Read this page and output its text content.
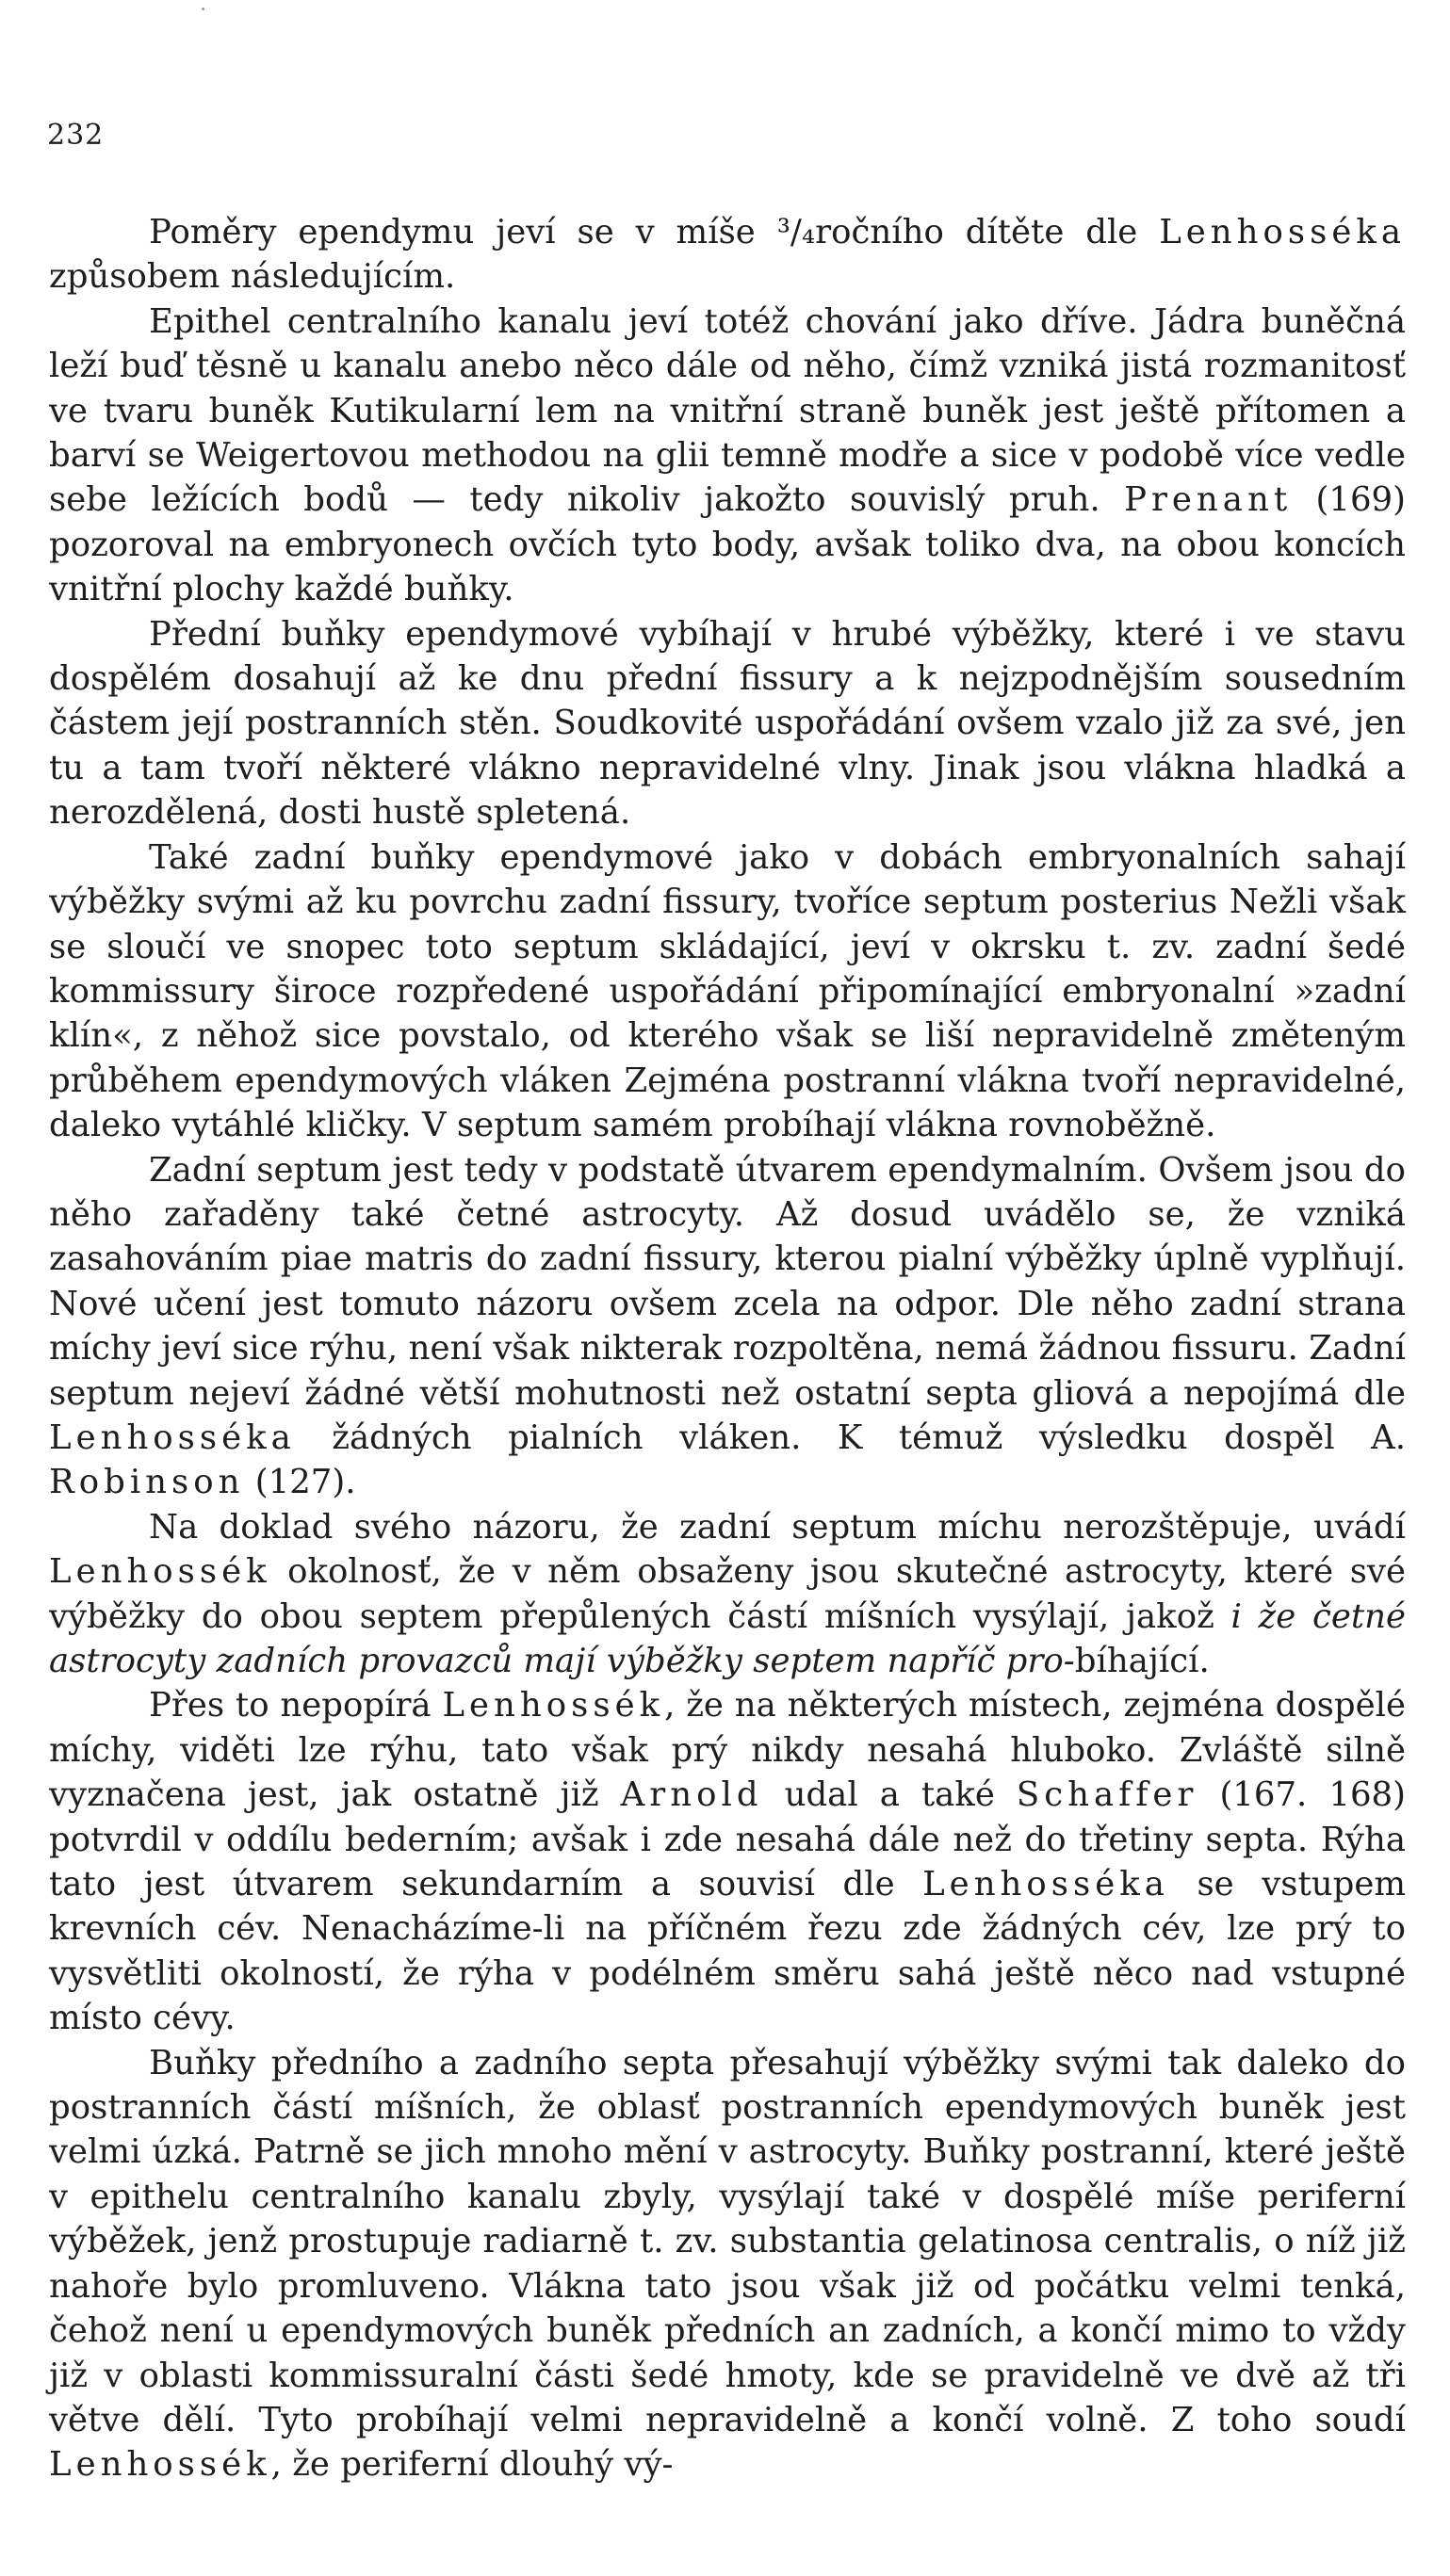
232

Poměry ependymu jeví se v míše ³/₄ročního dítěte dle Lenhosséka způsobem následujícím.

Epithel centralního kanalu jeví totéž chování jako dříve. Jádra buněčná leží buď těsně u kanalu anebo něco dále od něho, čímž vzniká jistá rozmanitosť ve tvaru buněk Kutikularní lem na vnitřní straně buněk jest ještě přítomen a barví se Weigertovou methodou na glii temně modře a sice v podobě více vedle sebe ležících bodů — tedy nikoliv jakožto souvislý pruh. Prenant (169) pozoroval na embryonech ovčích tyto body, avšak toliko dva, na obou koncích vnitřní plochy každé buňky.

Přední buňky ependymové vybíhají v hrubé výběžky, které i ve stavu dospělém dosahují až ke dnu přední fissury a k nejzpodnějším sousedním částem její postranních stěn. Soudkovité uspořádání ovšem vzalo již za své, jen tu a tam tvoří některé vlákno nepravidelné vlny. Jinak jsou vlákna hladká a nerozdělená, dosti hustě spletená.

Také zadní buňky ependymové jako v dobách embryonalních sahají výběžky svými až ku povrchu zadní fissury, tvoříce septum posterius Nežli však se sloučí ve snopec toto septum skládající, jeví v okrsku t. zv. zadní šedé kommissury široce rozpředené uspořádání připomínající embryonalní »zadní klín«, z něhož sice povstalo, od kterého však se liší nepravidelně změteným průběhem ependymových vláken Zejména postranní vlákna tvoří nepravidelné, daleko vytáhlé kličky. V septum samém probíhají vlákna rovnoběžně.

Zadní septum jest tedy v podstatě útvarem ependymalním. Ovšem jsou do něho zařaděny také četné astrocyty. Až dosud uvádělo se, že vzniká zasahováním piae matris do zadní fissury, kterou pialní výběžky úplně vyplňují. Nové učení jest tomuto názoru ovšem zcela na odpor. Dle něho zadní strana míchy jeví sice rýhu, není však nikterak rozpoltěna, nemá žádnou fissuru. Zadní septum nejeví žádné větší mohutnosti než ostatní septa gliová a nepojímá dle Lenhosséka žádných pialních vláken. K témuž výsledku dospěl A. Robinson (127).

Na doklad svého názoru, že zadní septum míchu nerozštěpuje, uvádí Lenhossék okolnosť, že v něm obsaženy jsou skutečné astrocyty, které své výběžky do obou septem přepůlených částí míšních vysýlají, jakož i že četné astrocyty zadních provazců mají výběžky septem napříč pro-bíhající.

Přes to nepopírá Lenhossék, že na některých místech, zejména dospělé míchy, viděti lze rýhu, tato však prý nikdy nesahá hluboko. Zvláště silně vyznačena jest, jak ostatně již Arnold udal a také Schaffer (167. 168) potvrdil v oddílu bederním; avšak i zde nesahá dále než do třetiny septa. Rýha tato jest útvarem sekundarním a souvisí dle Lenhosséka se vstupem krevních cév. Nenacházíme-li na příčném řezu zde žádných cév, lze prý to vysvětliti okolností, že rýha v podélném směru sahá ještě něco nad vstupné místo cévy.

Buňky předního a zadního septa přesahují výběžky svými tak daleko do postranních částí míšních, že oblasť postranních ependymových buněk jest velmi úzká. Patrně se jich mnoho mění v astrocyty. Buňky postranní, které ještě v epithelu centralního kanalu zbyly, vysýlají také v dospělé míše periferní výběžek, jenž prostupuje radiarně t. zv. substantia gelatinosa centralis, o níž již nahoře bylo promluveno. Vlákna tato jsou však již od počátku velmi tenká, čehož není u ependymových buněk předních an zadních, a končí mimo to vždy již v oblasti kommissuralní části šedé hmoty, kde se pravidelně ve dvě až tři větve dělí. Tyto probíhají velmi nepravidelně a končí volně. Z toho soudí Lenhossék, že periferní dlouhý vý-
